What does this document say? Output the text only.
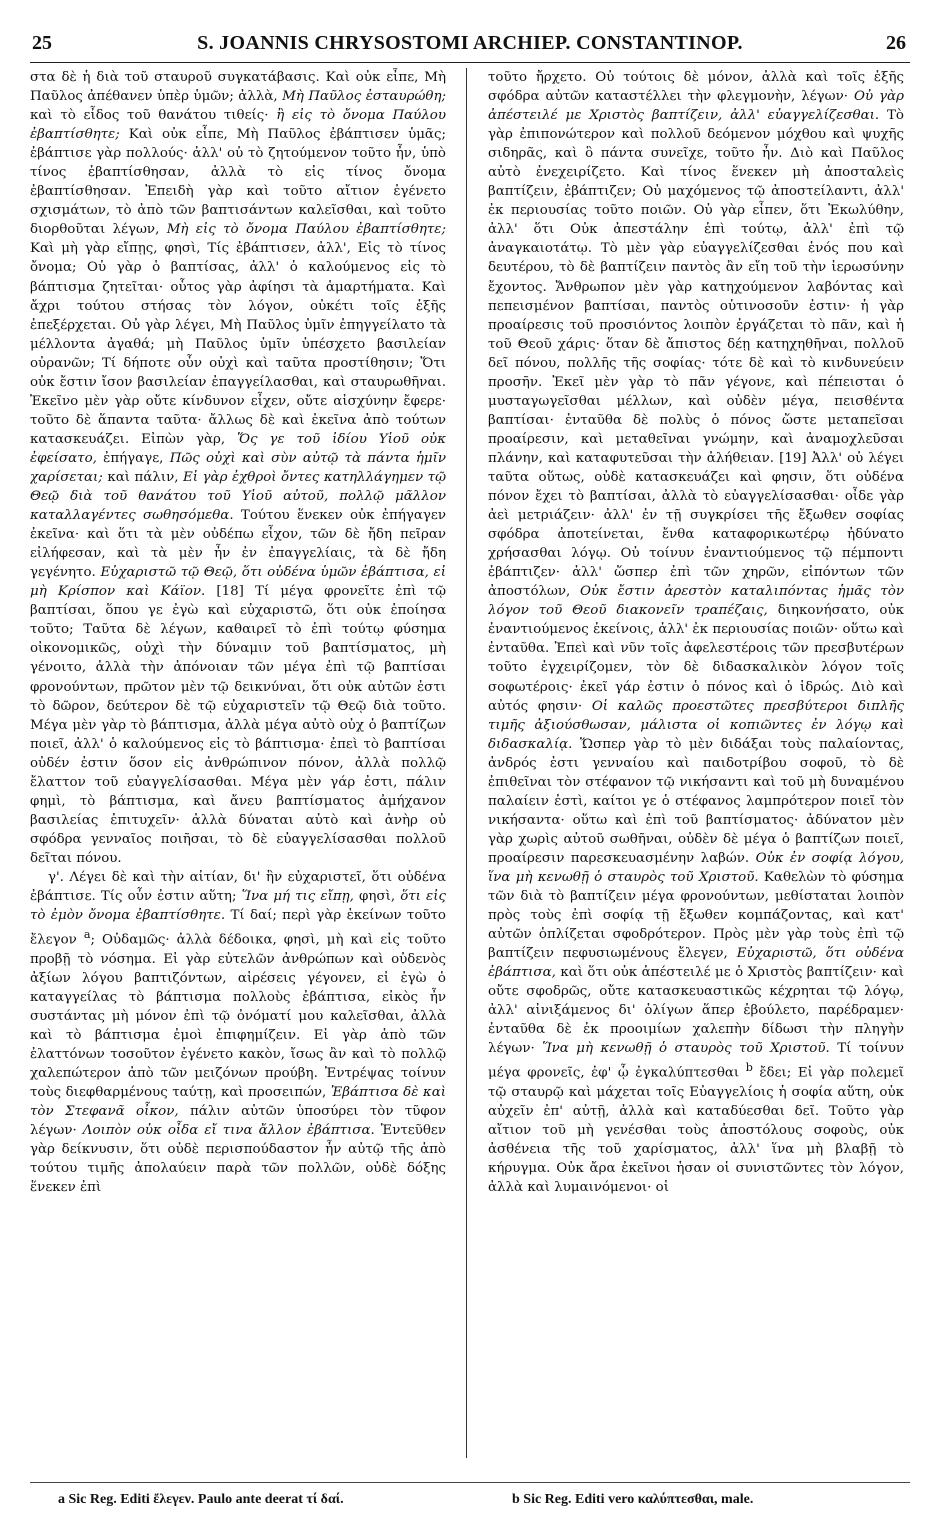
25	S. JOANNIS CHRYSOSTOMI ARCHIEP. CONSTANTINOP.	26

στα δὲ ἡ διὰ τοῦ σταυροῦ συγκατάβασις. Καὶ οὐκ εἶπε, Μὴ Παῦλος ἀπέθανεν ὑπὲρ ὑμῶν; ἀλλὰ, Μὴ Παῦλος ἐσταυρώθη; καὶ τὸ εἶδος τοῦ θανάτου τιθείς· ἢ εἰς τὸ ὄνομα Παύλου ἐβαπτίσθητε; Καὶ οὐκ εἶπε, Μὴ Παῦλος ἐβάπτισεν ὑμᾶς; ἐβάπτισε γὰρ πολλούς· ἀλλ' οὐ τὸ ζητούμενον τοῦτο ἦν, ὑπὸ τίνος ἐβαπτίσθησαν, ἀλλὰ τὸ εἰς τίνος ὄνομα ἐβαπτίσθησαν. Ἐπειδὴ γὰρ καὶ τοῦτο αἴτιον ἐγένετο σχισμάτων, τὸ ἀπὸ τῶν βαπτισάντων καλεῖσθαι, καὶ τοῦτο διορθοῦται λέγων, Μὴ εἰς τὸ ὄνομα Παύλου ἐβαπτίσθητε; Καὶ μὴ γὰρ εἴπῃς, φησὶ, Τίς ἐβάπτισεν, ἀλλ', Εἰς τὸ τίνος ὄνομα; Οὐ γὰρ ὁ βαπτίσας, ἀλλ' ὁ καλούμενος εἰς τὸ βάπτισμα ζητεῖται· οὗτος γὰρ ἀφίησι τὰ ἁμαρτήματα. Καὶ ἄχρι τούτου στήσας τὸν λόγον, οὐκέτι τοῖς ἑξῆς ἐπεξέρχεται. Οὐ γὰρ λέγει, Μὴ Παῦλος ὑμῖν ἐπηγγείλατο τὰ μέλλοντα ἀγαθά; μὴ Παῦλος ὑμῖν ὑπέσχετο βασιλείαν οὐρανῶν; Τί δήποτε οὖν οὐχὶ καὶ ταῦτα προστίθησιν; Ὅτι οὐκ ἔστιν ἴσον βασιλείαν ἐπαγγείλασθαι, καὶ σταυρωθῆναι. Ἐκεῖνο μὲν γὰρ οὔτε κίνδυνον εἶχεν, οὔτε αἰσχύνην ἔφερε· τοῦτο δὲ ἅπαντα ταῦτα· ἄλλως δὲ καὶ ἐκεῖνα ἀπὸ τούτων κατασκευάζει. Εἰπὼν γὰρ, Ὅς γε τοῦ ἰδίου Υἱοῦ οὐκ ἐφείσατο, ἐπήγαγε, Πῶς οὐχὶ καὶ σὺν αὐτῷ τὰ πάντα ἡμῖν χαρίσεται; καὶ πάλιν, Εἰ γὰρ ἐχθροὶ ὄντες κατηλλάγημεν τῷ Θεῷ διὰ τοῦ θανάτου τοῦ Υἱοῦ αὐτοῦ, πολλῷ μᾶλλον καταλλαγέντες σωθησόμεθα. Τούτου ἕνεκεν οὐκ ἐπήγαγεν ἐκεῖνα· καὶ ὅτι τὰ μὲν οὐδέπω εἶχον, τῶν δὲ ἤδη πεῖραν εἰλήφεσαν, καὶ τὰ μὲν ἦν ἐν ἐπαγγελίαις, τὰ δὲ ἤδη γεγένητο. Εὐχαριστῶ τῷ Θεῷ, ὅτι οὐδένα ὑμῶν ἐβάπτισα, εἰ μὴ Κρίσπον καὶ Κάϊον. [18] Τί μέγα φρονεῖτε ἐπὶ τῷ βαπτίσαι, ὅπου γε ἐγὼ καὶ εὐχαριστῶ, ὅτι οὐκ ἐποίησα τοῦτο; Ταῦτα δὲ λέγων, καθαιρεῖ τὸ ἐπὶ τούτῳ φύσημα οἰκονομικῶς, οὐχὶ τὴν δύναμιν τοῦ βαπτίσματος, μὴ γένοιτο, ἀλλὰ τὴν ἀπόνοιαν τῶν μέγα ἐπὶ τῷ βαπτίσαι φρονούντων, πρῶτον μὲν τῷ δεικνύναι, ὅτι οὐκ αὐτῶν ἐστι τὸ δῶρον, δεύτερον δὲ τῷ εὐχαριστεῖν τῷ Θεῷ διὰ τοῦτο. Μέγα μὲν γὰρ τὸ βάπτισμα, ἀλλὰ μέγα αὐτὸ οὐχ ὁ βαπτίζων ποιεῖ, ἀλλ' ὁ καλούμενος εἰς τὸ βάπτισμα· ἐπεὶ τὸ βαπτίσαι οὐδέν ἐστιν ὅσον εἰς ἀνθρώπινον πόνον, ἀλλὰ πολλῷ ἔλαττον τοῦ εὐαγγελίσασθαι. Μέγα μὲν γάρ ἐστι, πάλιν φημὶ, τὸ βάπτισμα, καὶ ἄνευ βαπτίσματος ἀμήχανον βασιλείας ἐπιτυχεῖν· ἀλλὰ δύναται αὐτὸ καὶ ἀνὴρ οὐ σφόδρα γενναῖος ποιῆσαι, τὸ δὲ εὐαγγελίσασθαι πολλοῦ δεῖται πόνου.

γ'. Λέγει δὲ καὶ τὴν αἰτίαν, δι' ἣν εὐχαριστεῖ, ὅτι οὐδένα ἐβάπτισε. Τίς οὖν ἐστιν αὕτη; Ἵνα μή τις εἴπῃ, φησὶ, ὅτι εἰς τὸ ἐμὸν ὄνομα ἐβαπτίσθητε. Τί δαί; περὶ γὰρ ἐκείνων τοῦτο ἔλεγον $^a$; Οὐδαμῶς· ἀλλὰ δέδοικα, φησὶ, μὴ καὶ εἰς τοῦτο προβῇ τὸ νόσημα. Εἰ γὰρ εὐτελῶν ἀνθρώπων καὶ οὐδενὸς ἀξίων λόγου βαπτιζόντων, αἱρέσεις γέγονεν, εἰ ἐγὼ ὁ καταγγείλας τὸ βάπτισμα πολλοὺς ἐβάπτισα, εἰκὸς ἦν συστάντας μὴ μόνον ἐπὶ τῷ ὀνόματί μου καλεῖσθαι, ἀλλὰ καὶ τὸ βάπτισμα ἐμοὶ ἐπιφημίζειν. Εἰ γὰρ ἀπὸ τῶν ἐλαττόνων τοσοῦτον ἐγένετο κακὸν, ἴσως ἂν καὶ τὸ πολλῷ χαλεπώτερον ἀπὸ τῶν μειζόνων προύβη. Ἐντρέψας τοίνυν τοὺς διεφθαρμένους ταύτῃ, καὶ προσειπών, Ἐβάπτισα δὲ καὶ τὸν Στεφανᾶ οἶκον, πάλιν αὐτῶν ὑποσύρει τὸν τῦφον λέγων· Λοιπὸν οὐκ οἶδα εἴ τινα ἄλλον ἐβάπτισα. Ἐντεῦθεν γὰρ δείκνυσιν, ὅτι οὐδὲ περισπούδαστον ἦν αὐτῷ τῆς ἀπὸ τούτου τιμῆς ἀπολαύειν παρὰ τῶν πολλῶν, οὐδὲ δόξης ἕνεκεν ἐπὶ

τοῦτο ἤρχετο. Οὐ τούτοις δὲ μόνον, ἀλλὰ καὶ τοῖς ἑξῆς σφόδρα αὐτῶν καταστέλλει τὴν φλεγμονὴν, λέγων· Οὐ γὰρ ἀπέστειλέ με Χριστὸς βαπτίζειν, ἀλλ' εὐαγγελίζεσθαι. Τὸ γὰρ ἐπιπονώτερον καὶ πολλοῦ δεόμενον μόχθου καὶ ψυχῆς σιδηρᾶς, καὶ ὃ πάντα συνεῖχε, τοῦτο ἦν. Διὸ καὶ Παῦλος αὐτὸ ἐνεχειρίζετο. Καὶ τίνος ἕνεκεν μὴ ἀποσταλεὶς βαπτίζειν, ἐβάπτιζεν; Οὐ μαχόμενος τῷ ἀποστείλαντι, ἀλλ' ἐκ περιουσίας τοῦτο ποιῶν. Οὐ γὰρ εἶπεν, ὅτι Ἐκωλύθην, ἀλλ' ὅτι Οὐκ ἀπεστάλην ἐπὶ τούτῳ, ἀλλ' ἐπὶ τῷ ἀναγκαιοτάτῳ. Τὸ μὲν γὰρ εὐαγγελίζεσθαι ἑνός που καὶ δευτέρου, τὸ δὲ βαπτίζειν παντὸς ἂν εἴη τοῦ τὴν ἱερωσύνην ἔχοντος. Ἄνθρωπον μὲν γὰρ κατηχούμενον λαβόντας καὶ πεπεισμένον βαπτίσαι, παντὸς οὑτινοσοῦν ἐστιν· ἡ γὰρ προαίρεσις τοῦ προσιόντος λοιπὸν ἐργάζεται τὸ πᾶν, καὶ ἡ τοῦ Θεοῦ χάρις· ὅταν δὲ ἄπιστος δέῃ κατηχηθῆναι, πολλοῦ δεῖ πόνου, πολλῆς τῆς σοφίας· τότε δὲ καὶ τὸ κινδυνεύειν προσῆν. Ἐκεῖ μὲν γὰρ τὸ πᾶν γέγονε, καὶ πέπεισται ὁ μυσταγωγεῖσθαι μέλλων, καὶ οὐδὲν μέγα, πεισθέντα βαπτίσαι· ἐνταῦθα δὲ πολὺς ὁ πόνος ὥστε μεταπεῖσαι προαίρεσιν, καὶ μεταθεῖναι γνώμην, καὶ ἀναμοχλεῦσαι πλάνην, καὶ καταφυτεῦσαι τὴν ἀλήθειαν. [19] Ἀλλ' οὐ λέγει ταῦτα οὕτως, οὐδὲ κατασκευάζει καὶ φησιν, ὅτι οὐδένα πόνον ἔχει τὸ βαπτίσαι, ἀλλὰ τὸ εὐαγγελίσασθαι· οἶδε γὰρ ἀεὶ μετριάζειν· ἀλλ' ἐν τῇ συγκρίσει τῆς ἔξωθεν σοφίας σφόδρα ἀποτείνεται, ἔνθα καταφορικωτέρῳ ἠδύνατο χρήσασθαι λόγῳ. Οὐ τοίνυν ἐναντιούμενος τῷ πέμποντι ἐβάπτιζεν· ἀλλ' ὥσπερ ἐπὶ τῶν χηρῶν, εἰπόντων τῶν ἀποστόλων, Οὐκ ἔστιν ἀρεστὸν καταλιπόντας ἡμᾶς τὸν λόγον τοῦ Θεοῦ διακονεῖν τραπέζαις, διηκονήσατο, οὐκ ἐναντιούμενος ἐκείνοις, ἀλλ' ἐκ περιουσίας ποιῶν· οὕτω καὶ ἐνταῦθα. Ἐπεὶ καὶ νῦν τοῖς ἀφελεστέροις τῶν πρεσβυτέρων τοῦτο ἐγχειρίζομεν, τὸν δὲ διδασκαλικὸν λόγον τοῖς σοφωτέροις· ἐκεῖ γάρ ἐστιν ὁ πόνος καὶ ὁ ἱδρώς. Διὸ καὶ αὐτός φησιν· Οἱ καλῶς προεστῶτες πρεσβύτεροι διπλῆς τιμῆς ἀξιούσθωσαν, μάλιστα οἱ κοπιῶντες ἐν λόγῳ καὶ διδασκαλίᾳ. Ὥσπερ γὰρ τὸ μὲν διδάξαι τοὺς παλαίοντας, ἀνδρός ἐστι γενναίου καὶ παιδοτρίβου σοφοῦ, τὸ δὲ ἐπιθεῖναι τὸν στέφανον τῷ νικήσαντι καὶ τοῦ μὴ δυναμένου παλαίειν ἐστὶ, καίτοι γε ὁ στέφανος λαμπρότερον ποιεῖ τὸν νικήσαντα· οὕτω καὶ ἐπὶ τοῦ βαπτίσματος· ἀδύνατον μὲν γὰρ χωρὶς αὐτοῦ σωθῆναι, οὐδὲν δὲ μέγα ὁ βαπτίζων ποιεῖ, προαίρεσιν παρεσκευασμένην λαβών. Οὐκ ἐν σοφίᾳ λόγου, ἵνα μὴ κενωθῇ ὁ σταυρὸς τοῦ Χριστοῦ. Καθελὼν τὸ φύσημα τῶν διὰ τὸ βαπτίζειν μέγα φρονούντων, μεθίσταται λοιπὸν πρὸς τοὺς ἐπὶ σοφίᾳ τῇ ἔξωθεν κομπάζοντας, καὶ κατ' αὐτῶν ὁπλίζεται σφοδρότερον. Πρὸς μὲν γὰρ τοὺς ἐπὶ τῷ βαπτίζειν πεφυσιωμένους ἔλεγεν, Εὐχαριστῶ, ὅτι οὐδένα ἐβάπτισα, καὶ ὅτι οὐκ ἀπέστειλέ με ὁ Χριστὸς βαπτίζειν· καὶ οὔτε σφοδρῶς, οὔτε κατασκευαστικῶς κέχρηται τῷ λόγῳ, ἀλλ' αἰνιξάμενος δι' ὀλίγων ἅπερ ἐβούλετο, παρέδραμεν· ἐνταῦθα δὲ ἐκ προοιμίων χαλεπὴν δίδωσι τὴν πληγὴν λέγων· Ἵνα μὴ κενωθῇ ὁ σταυρὸς τοῦ Χριστοῦ. Τί τοίνυν μέγα φρονεῖς, ἐφ' ᾧ ἐγκαλύπτεσθαι $^b$ ἔδει; Εἰ γὰρ πολεμεῖ τῷ σταυρῷ καὶ μάχεται τοῖς Εὐαγγελίοις ἡ σοφία αὕτη, οὐκ αὐχεῖν ἐπ' αὐτῇ, ἀλλὰ καὶ καταδύεσθαι δεῖ. Τοῦτο γὰρ αἴτιον τοῦ μὴ γενέσθαι τοὺς ἀποστόλους σοφοὺς, οὐκ ἀσθένεια τῆς τοῦ χαρίσματος, ἀλλ' ἵνα μὴ βλαβῇ τὸ κήρυγμα. Οὐκ ἄρα ἐκεῖνοι ἡσαν οἱ συνιστῶντες τὸν λόγον, ἀλλὰ καὶ λυμαινόμενοι· οἱ

a Sic Reg. Editi ἔλεγεν. Paulo ante deerat τί δαί.	b Sic Reg. Editi vero καλύπτεσθαι, male.
